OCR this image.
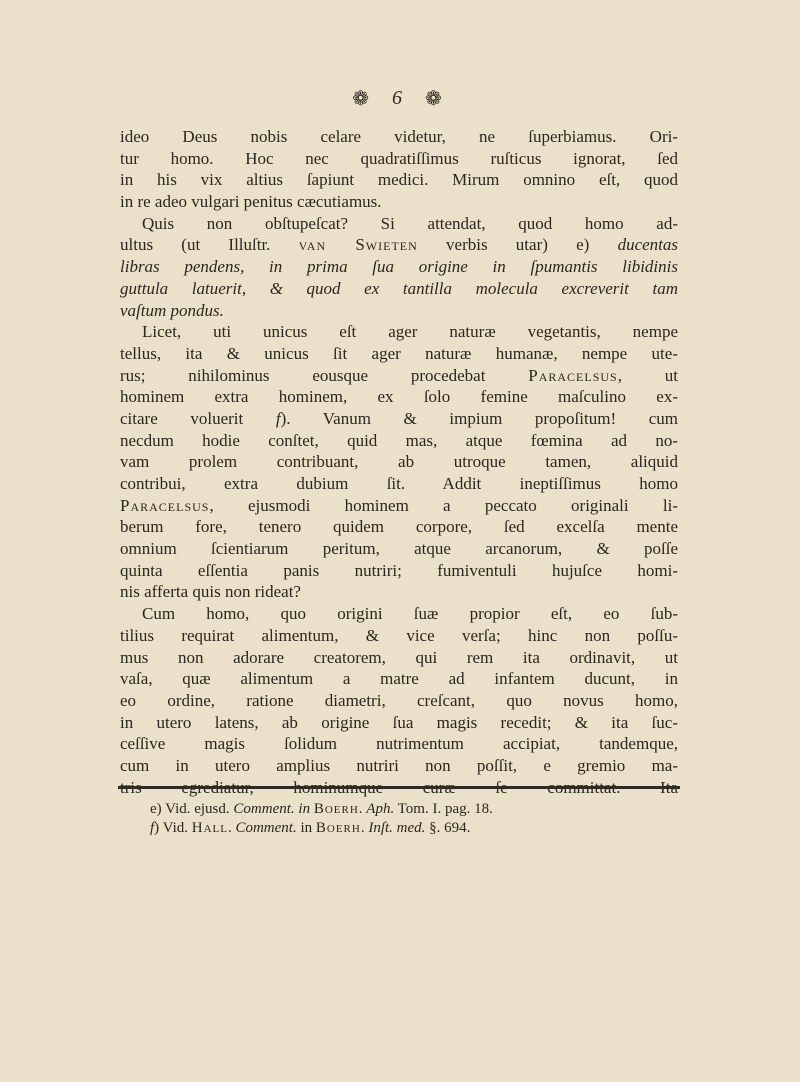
❁ 6 ❁
ideo Deus nobis celare videtur, ne ſuperbiamus. Ori-
tur homo. Hoc nec quadratiſſimus ruſticus ignorat, ſed
in his vix altius ſapiunt medici. Mirum omnino eſt, quod
in re adeo vulgari penitus cæcutiamus.
Quis non obſtupeſcat? Si attendat, quod homo ad-
ultus (ut Illuſtr. van Swieten verbis utar) e) ducentas
libras pendens, in prima ſua origine in ſpumantis libidinis
guttula latuerit, & quod ex tantilla molecula excreverit tam
vaſtum pondus.
Licet, uti unicus eſt ager naturæ vegetantis, nempe
tellus, ita & unicus ſit ager naturæ humanæ, nempe ute-
rus; nihilominus eousque procedebat Paracelsus, ut
hominem extra hominem, ex ſolo femine maſculino ex-
citare voluerit f). Vanum & impium propoſitum! cum
necdum hodie conſtet, quid mas, atque fœmina ad no-
vam prolem contribuant, ab utroque tamen, aliquid
contribui, extra dubium ſit. Addit ineptiſſimus homo
Paracelsus, ejusmodi hominem a peccato originali li-
berum fore, tenero quidem corpore, ſed excelſa mente
omnium ſcientiarum peritum, atque arcanorum, & poſſe
quinta eſſentia panis nutriri; fumiventuli hujuſce homi-
nis afferta quis non rideat?
Cum homo, quo origini ſuæ propior eſt, eo ſub-
tilius requirat alimentum, & vice verſa; hinc non poſſu-
mus non adorare creatorem, qui rem ita ordinavit, ut
vaſa, quæ alimentum a matre ad infantem ducunt, in
eo ordine, ratione diametri, creſcant, quo novus homo,
in utero latens, ab origine ſua magis recedit; & ita ſuc-
ceſſive magis ſolidum nutrimentum accipiat, tandemque,
cum in utero amplius nutriri non poſſit, e gremio ma-
tris egrediatur, hominumque curæ ſe committat. Ita
e) Vid. ejusd. Comment. in Boerh. Aph. Tom. I. pag. 18.
f) Vid. Hall. Comment. in Boerh. Inſt. med. §. 694.
